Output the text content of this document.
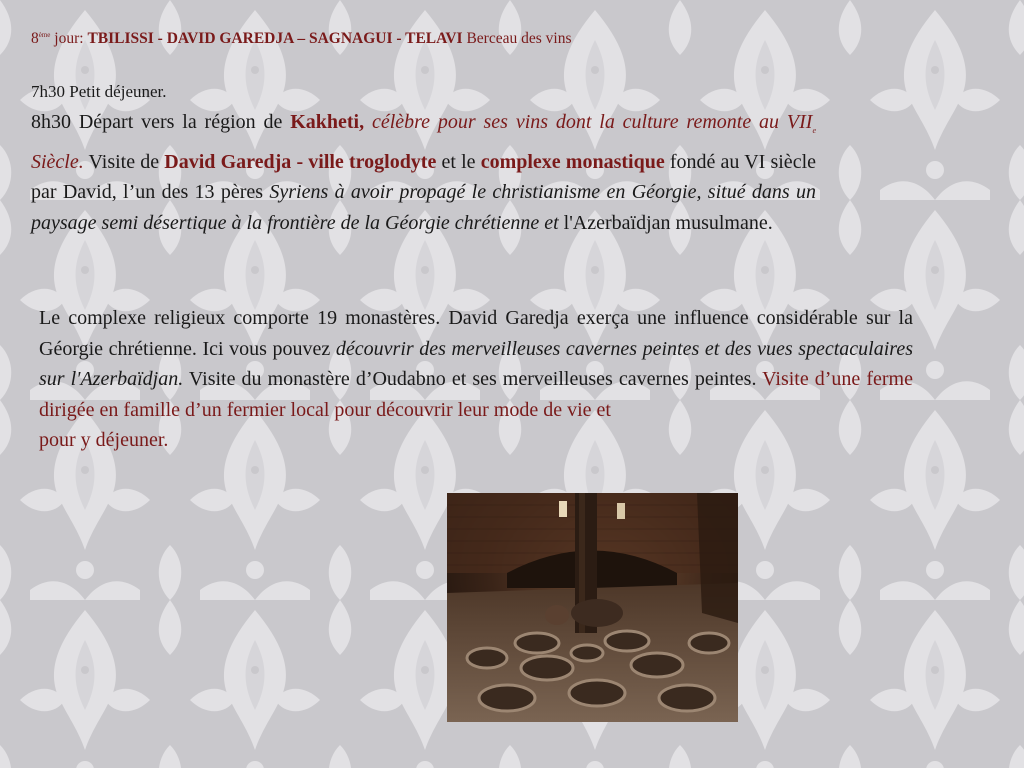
8ème jour: TBILISSI - DAVID GAREDJA – SAGNAGUI - TELAVI Berceau des vins
7h30 Petit déjeuner.
8h30 Départ vers la région de Kakheti, célèbre pour ses vins dont la culture remonte au $VII_e$ Siècle. Visite de David Garedja - ville troglodyte et le complexe monastique fondé au VI siècle par David, l’un des 13 pères Syriens à avoir propagé le christianisme en Géorgie, situé dans un paysage semi désertique à la frontière de la Géorgie chrétienne et l'Azerbaïdjan musulmane.
Le complexe religieux comporte 19 monastères. David Garedja exerça une influence considérable sur la Géorgie chrétienne. Ici vous pouvez découvrir des merveilleuses cavernes peintes et des vues spectaculaires sur l'Azerbaïdjan. Visite du monastère d’Oudabno et ses merveilleuses cavernes peintes. Visite d’une ferme dirigée en famille d’un fermier local pour découvrir leur mode de vie et
pour y déjeuner.
